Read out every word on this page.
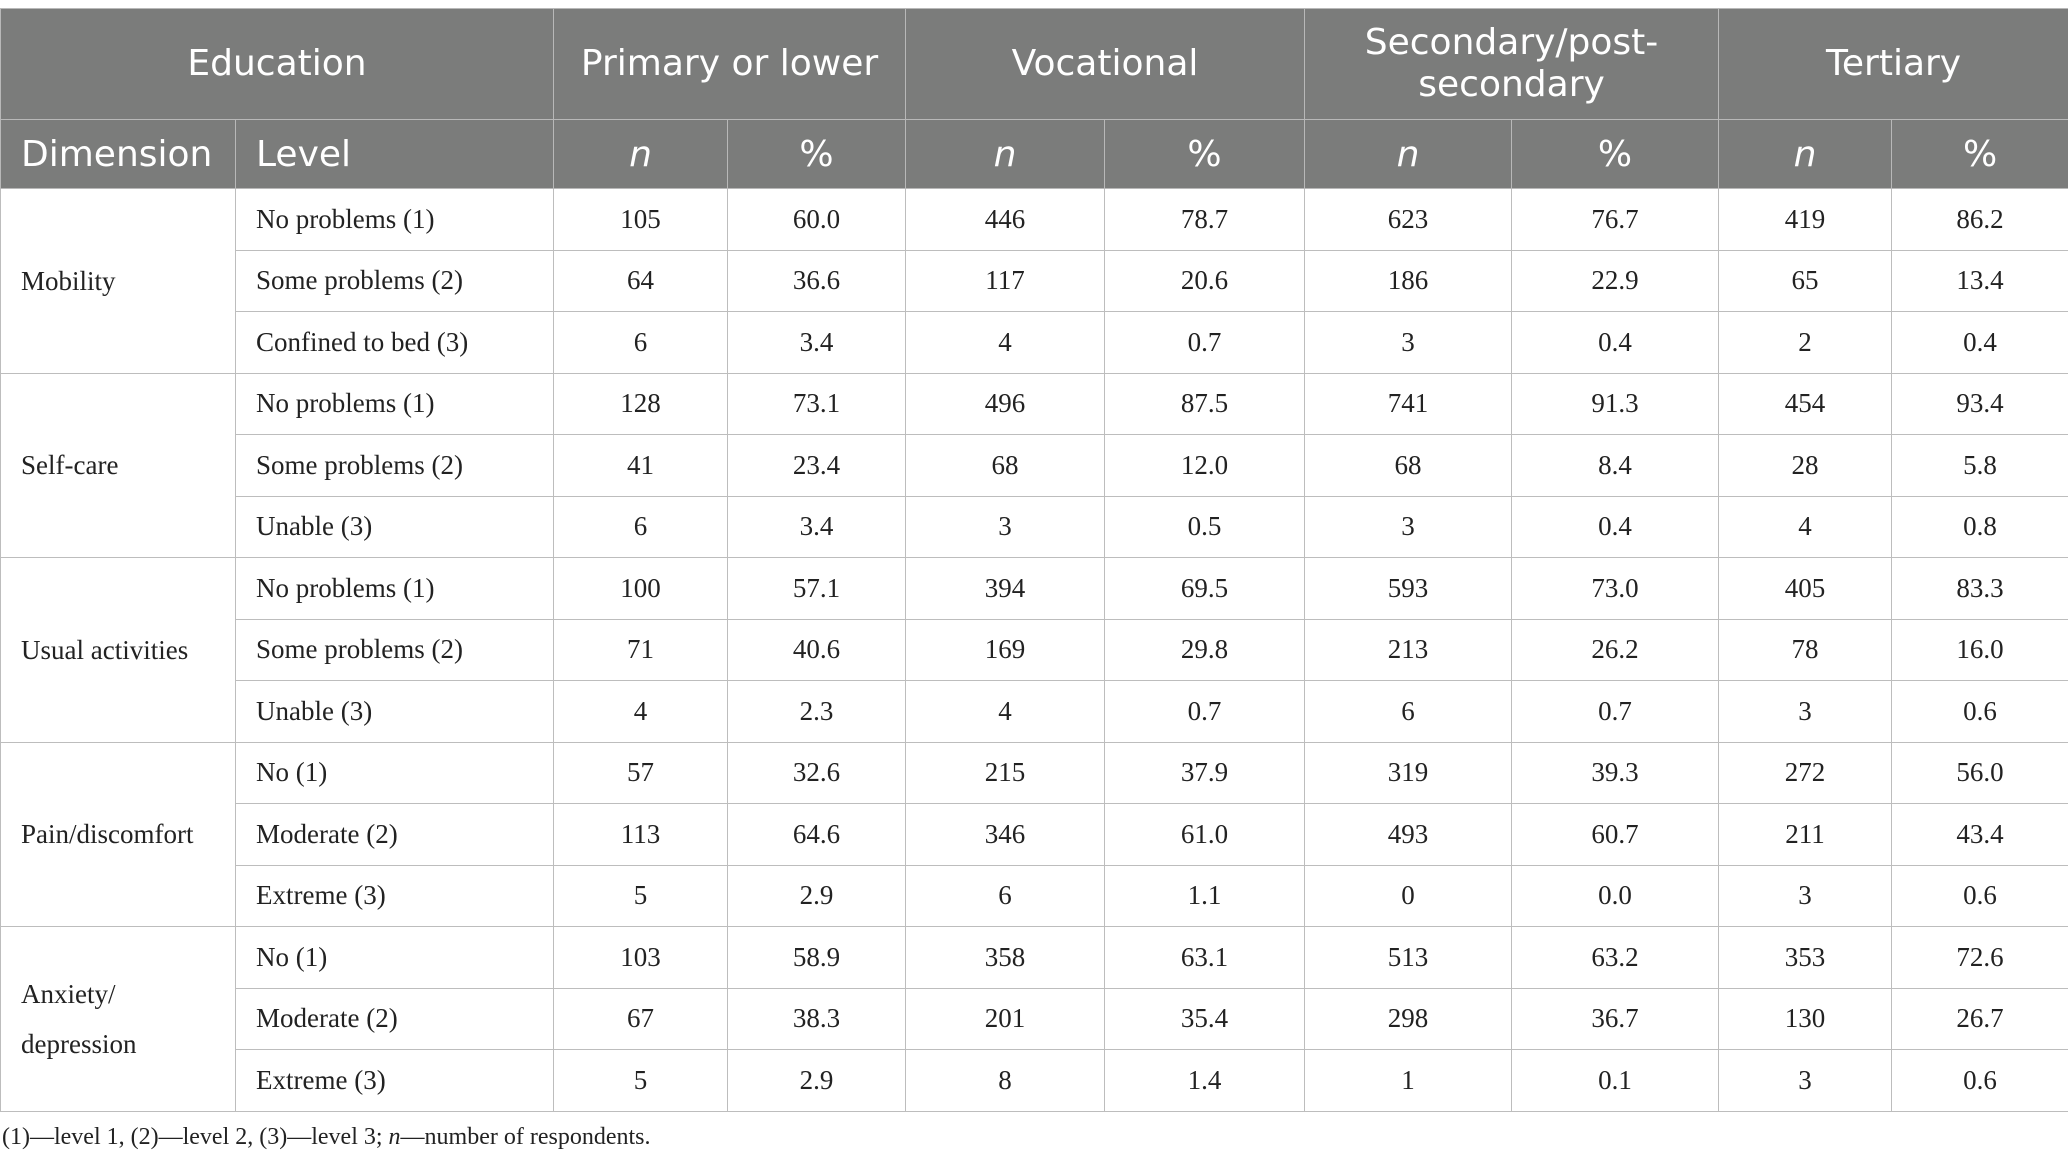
Education		Primary or lower		Vocational		Secondary/post-secondary		Tertiary	
Dimension	Level	n	%	n	%	n	%	n	%
Mobility	No problems (1)	105	60.0	446	78.7	623	76.7	419	86.2
	Some problems (2)	64	36.6	117	20.6	186	22.9	65	13.4
	Confined to bed (3)	6	3.4	4	0.7	3	0.4	2	0.4
Self-care	No problems (1)	128	73.1	496	87.5	741	91.3	454	93.4
	Some problems (2)	41	23.4	68	12.0	68	8.4	28	5.8
	Unable (3)	6	3.4	3	0.5	3	0.4	4	0.8
Usual activities	No problems (1)	100	57.1	394	69.5	593	73.0	405	83.3
	Some problems (2)	71	40.6	169	29.8	213	26.2	78	16.0
	Unable (3)	4	2.3	4	0.7	6	0.7	3	0.6
Pain/discomfort	No (1)	57	32.6	215	37.9	319	39.3	272	56.0
	Moderate (2)	113	64.6	346	61.0	493	60.7	211	43.4
	Extreme (3)	5	2.9	6	1.1	0	0.0	3	0.6
Anxiety/ depression	No (1)	103	58.9	358	63.1	513	63.2	353	72.6
	Moderate (2)	67	38.3	201	35.4	298	36.7	130	26.7
	Extreme (3)	5	2.9	8	1.4	1	0.1	3	0.6
(1)—level 1, (2)—level 2, (3)—level 3; n—number of respondents.
